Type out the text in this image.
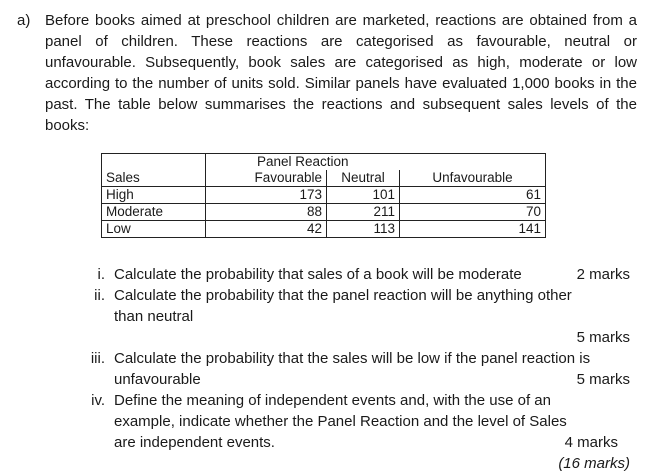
a) Before books aimed at preschool children are marketed, reactions are obtained from a panel of children. These reactions are categorised as favourable, neutral or unfavourable. Subsequently, book sales are categorised as high, moderate or low according to the number of units sold. Similar panels have evaluated 1,000 books in the past. The table below summarises the reactions and subsequent sales levels of the books:

	Panel Reaction		
Sales	Favourable	Neutral	Unfavourable
High	173	101	61
Moderate	88	211	70
Low	42	113	141
i. Calculate the probability that sales of a book will be moderate	2 marks
ii. Calculate the probability that the panel reaction will be anything other
than neutral
5 marks
iii. Calculate the probability that the sales will be low if the panel reaction is
unfavourable	5 marks
iv. Define the meaning of independent events and, with the use of an
example, indicate whether the Panel Reaction and the level of Sales
are independent events.	4 marks
(16 marks)
